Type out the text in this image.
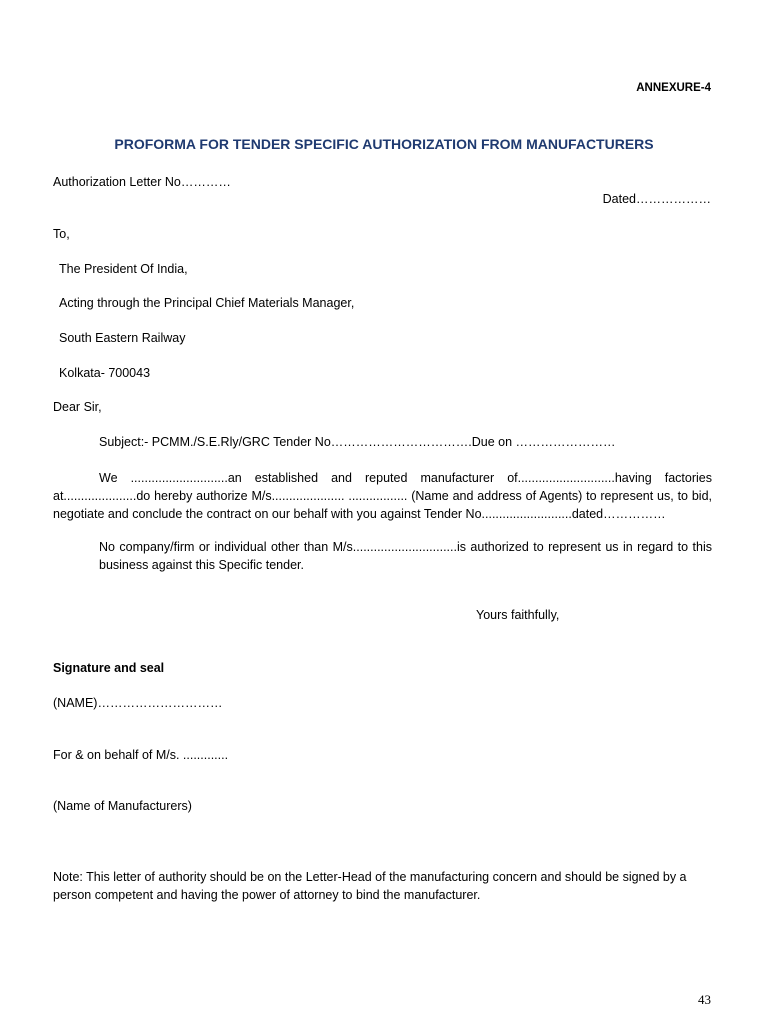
ANNEXURE-4
PROFORMA FOR TENDER SPECIFIC AUTHORIZATION FROM MANUFACTURERS
Authorization Letter No…………
Dated………………
To,
The President Of India,
Acting through the Principal Chief Materials Manager,
South Eastern Railway
Kolkata- 700043
Dear Sir,
Subject:- PCMM./S.E.Rly/GRC Tender No…………………………….Due on ……………………
We ............................an established and reputed manufacturer of............................having factories at.....................do hereby authorize M/s..................... ................. (Name and address of Agents) to represent us, to bid, negotiate and conclude the contract on our behalf with you against Tender No..........................dated……………
No company/firm or individual other than M/s..............................is authorized to represent us in regard to this business against this Specific tender.
Yours faithfully,
Signature and seal
(NAME)…………………………
For & on behalf of M/s. .............
(Name of Manufacturers)
Note: This letter of authority should be on the Letter-Head of the manufacturing concern and should be signed by a person competent and having the power of attorney to bind the manufacturer.
43
